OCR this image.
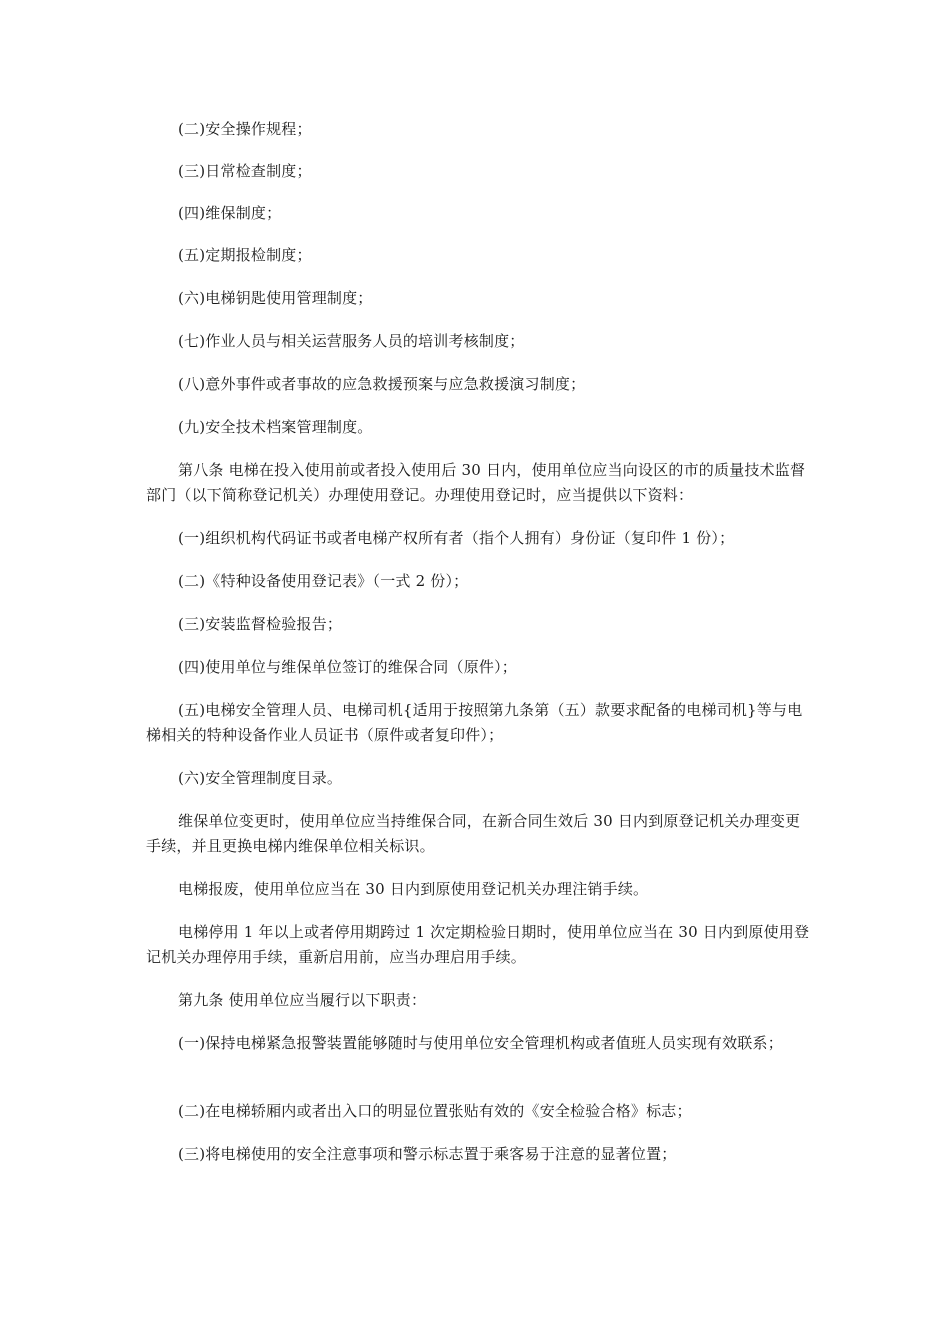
(二)安全操作规程；

(三)日常检查制度；

(四)维保制度；

(五)定期报检制度；

(六)电梯钥匙使用管理制度；

(七)作业人员与相关运营服务人员的培训考核制度；

(八)意外事件或者事故的应急救援预案与应急救援演习制度；

(九)安全技术档案管理制度。

第八条 电梯在投入使用前或者投入使用后 30 日内，使用单位应当向设区的市的质量技术监督部门（以下简称登记机关）办理使用登记。办理使用登记时，应当提供以下资料：

(一)组织机构代码证书或者电梯产权所有者（指个人拥有）身份证（复印件 1 份）；

(二)《特种设备使用登记表》（一式 2 份）；

(三)安装监督检验报告；

(四)使用单位与维保单位签订的维保合同（原件）；

(五)电梯安全管理人员、电梯司机{适用于按照第九条第（五）款要求配备的电梯司机}等与电梯相关的特种设备作业人员证书（原件或者复印件）；

(六)安全管理制度目录。

维保单位变更时，使用单位应当持维保合同，在新合同生效后 30 日内到原登记机关办理变更手续，并且更换电梯内维保单位相关标识。

电梯报废，使用单位应当在 30 日内到原使用登记机关办理注销手续。

电梯停用 1 年以上或者停用期跨过 1 次定期检验日期时，使用单位应当在 30 日内到原使用登记机关办理停用手续，重新启用前，应当办理启用手续。

第九条 使用单位应当履行以下职责：

(一)保持电梯紧急报警装置能够随时与使用单位安全管理机构或者值班人员实现有效联系；

(二)在电梯轿厢内或者出入口的明显位置张贴有效的《安全检验合格》标志；

(三)将电梯使用的安全注意事项和警示标志置于乘客易于注意的显著位置；
